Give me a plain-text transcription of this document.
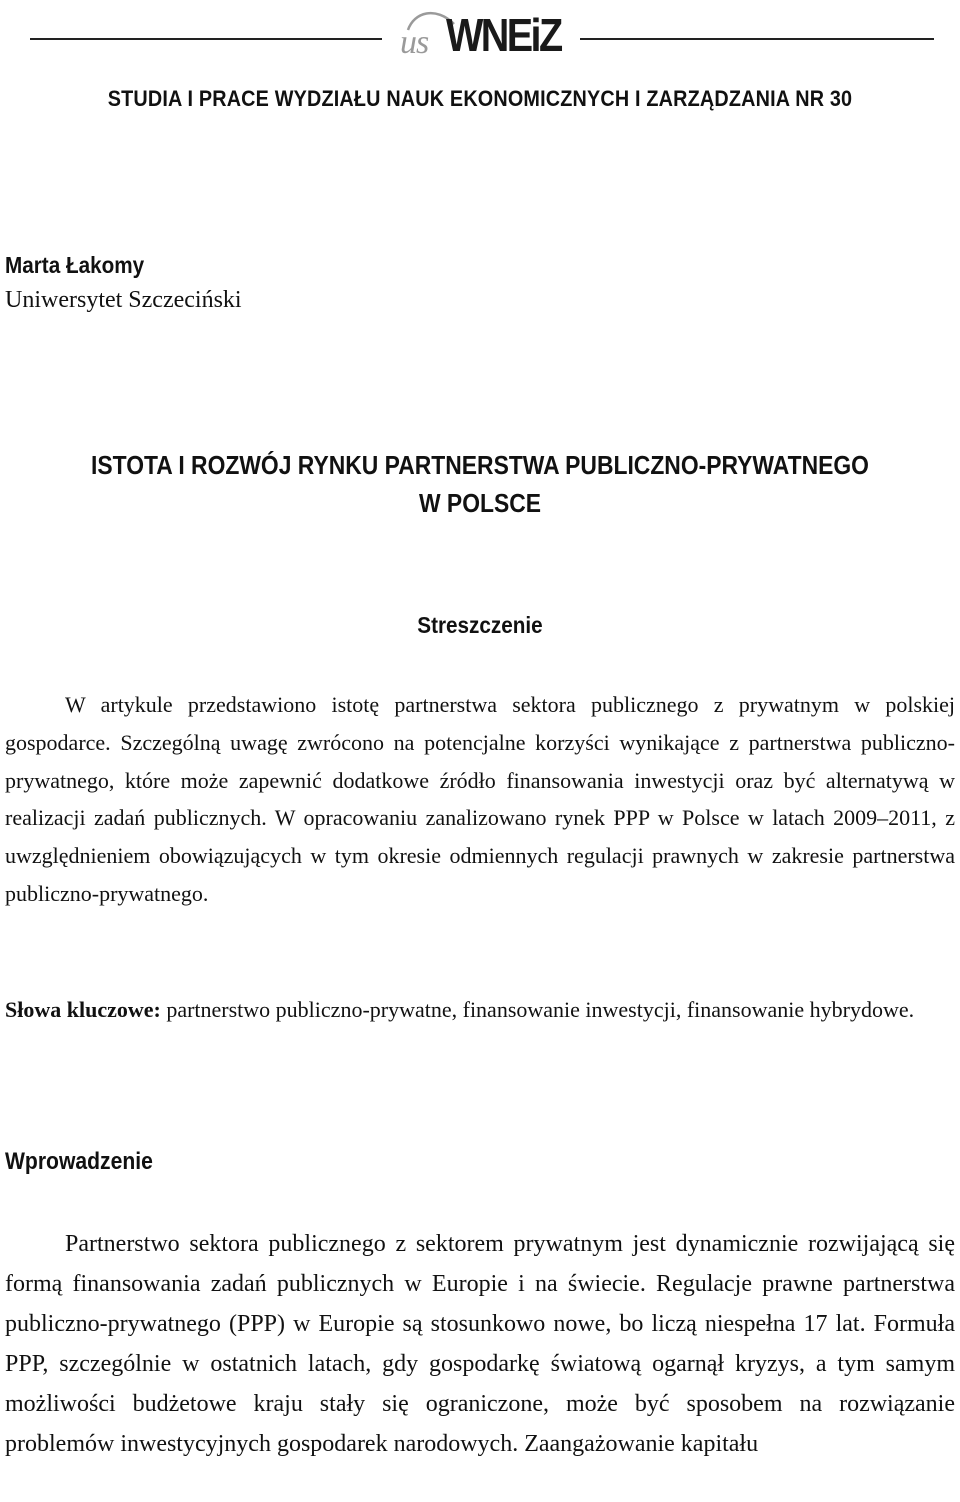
us WNEiZ
STUDIA I PRACE WYDZIAŁU NAUK EKONOMICZNYCH I ZARZĄDZANIA NR 30
Marta Łakomy
Uniwersytet Szczeciński
ISTOTA I ROZWÓJ RYNKU PARTNERSTWA PUBLICZNO-PRYWATNEGO
W POLSCE
Streszczenie
W artykule przedstawiono istotę partnerstwa sektora publicznego z prywatnym w polskiej gospodarce. Szczególną uwagę zwrócono na potencjalne korzyści wynikające z partnerstwa publiczno-prywatnego, które może zapewnić dodatkowe źródło finansowania inwestycji oraz być alternatywą w realizacji zadań publicznych. W opracowaniu zanalizowano rynek PPP w Polsce w latach 2009–2011, z uwzględnieniem obowiązujących w tym okresie odmiennych regulacji prawnych w zakresie partnerstwa publiczno-prywatnego.
Słowa kluczowe: partnerstwo publiczno-prywatne, finansowanie inwestycji, finansowanie hybrydowe.
Wprowadzenie
Partnerstwo sektora publicznego z sektorem prywatnym jest dynamicznie rozwijającą się formą finansowania zadań publicznych w Europie i na świecie. Regulacje prawne partnerstwa publiczno-prywatnego (PPP) w Europie są stosunkowo nowe, bo liczą niespełna 17 lat. Formuła PPP, szczególnie w ostatnich latach, gdy gospodarkę światową ogarnął kryzys, a tym samym możliwości budżetowe kraju stały się ograniczone, może być sposobem na rozwiązanie problemów inwestycyjnych gospodarek narodowych. Zaangażowanie kapitału
